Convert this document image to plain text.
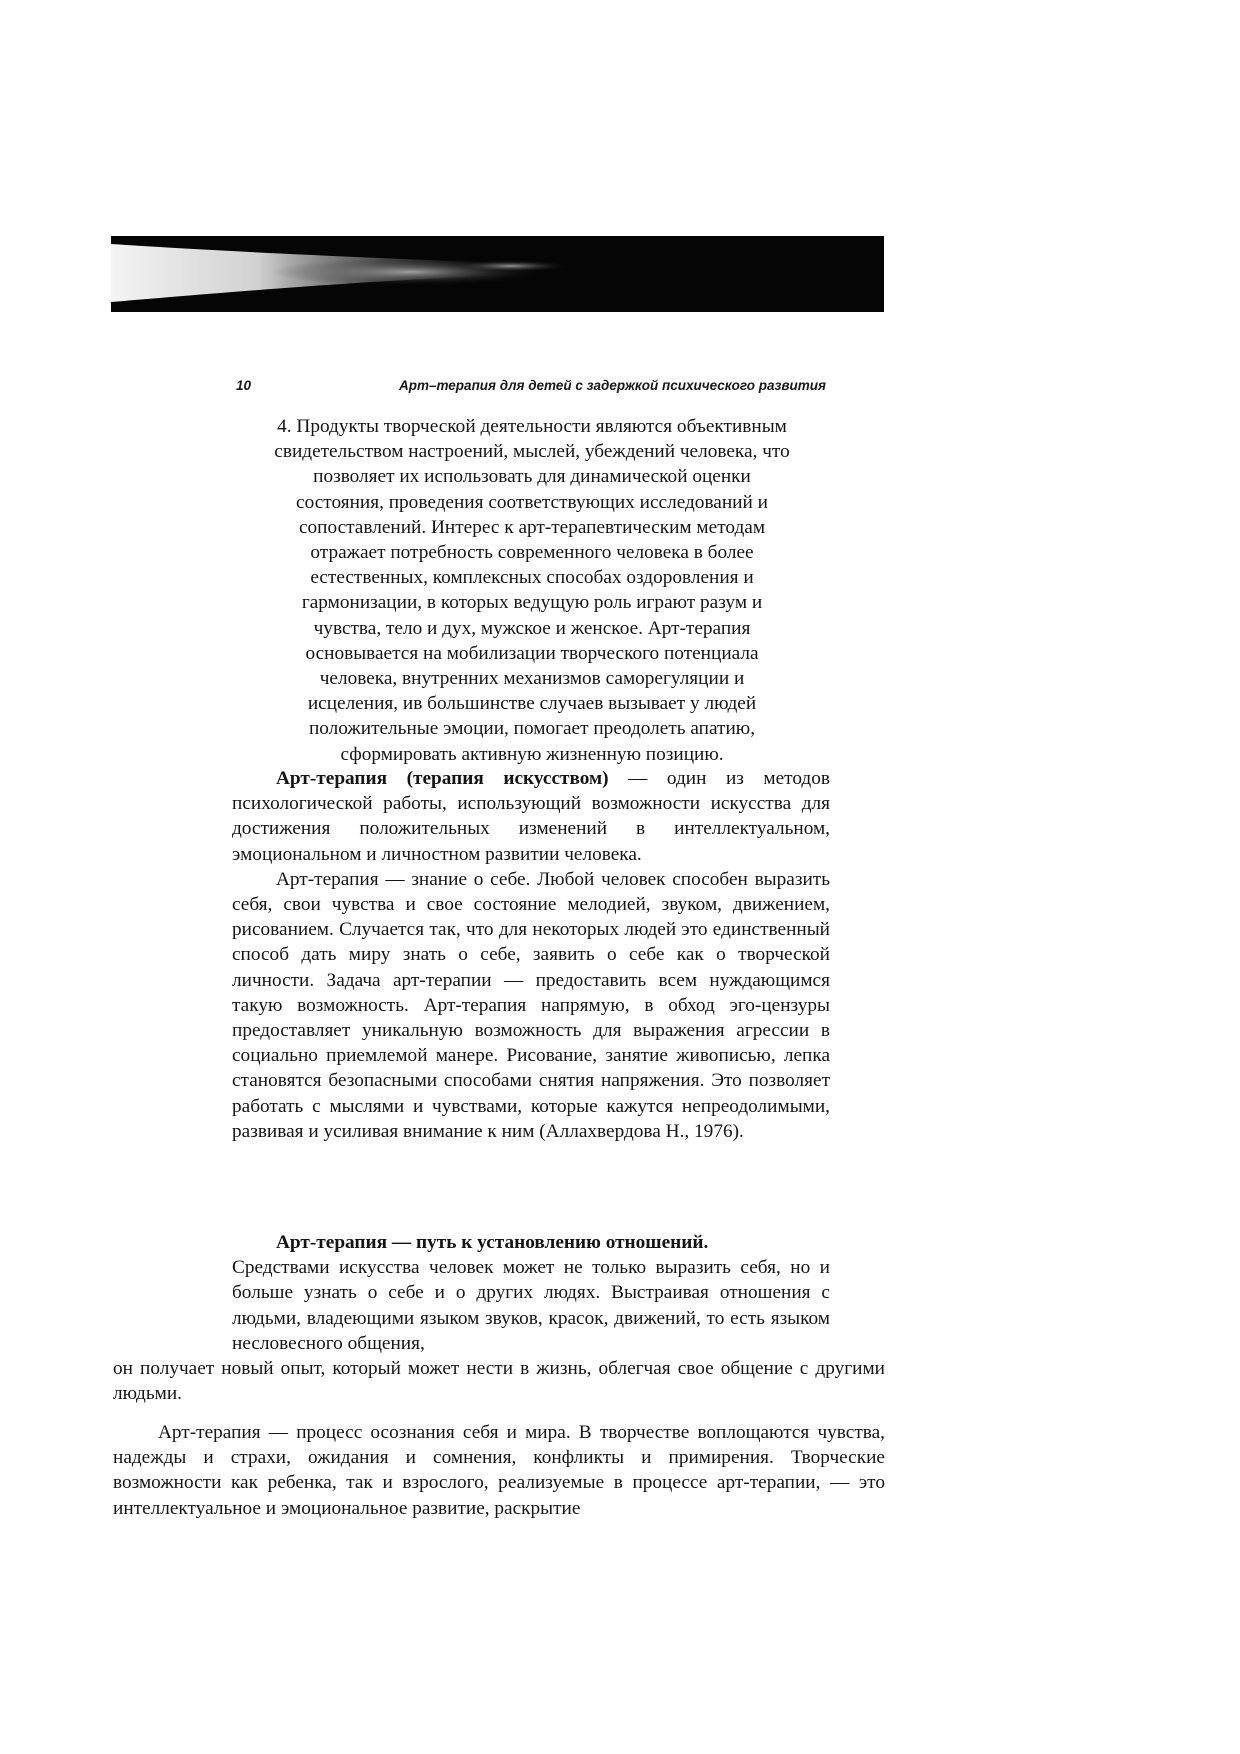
10	Арт–терапия для детей с задержкой психического развития

4. Продукты творческой деятельности являются объективным
свидетельством настроений, мыслей, убеждений человека, что
позволяет их использовать для динамической оценки
состояния, проведения соответствующих исследований и
сопоставлений. Интерес к арт-терапевтическим методам
отражает потребность современного человека в более
естественных, комплексных способах оздоровления и
гармонизации, в которых ведущую роль играют разум и
чувства, тело и дух, мужское и женское. Арт-терапия
основывается на мобилизации творческого потенциала
человека, внутренних механизмов саморегуляции и
исцеления, ив большинстве случаев вызывает у людей
положительные эмоции, помогает преодолеть апатию,
сформировать активную жизненную позицию.

Арт-терапия (терапия искусством) — один из методов психологической работы, использующий возможности искусства для достижения положительных изменений в интеллектуальном, эмоциональном и личностном развитии человека.

Арт-терапия — знание о себе. Любой человек способен выразить себя, свои чувства и свое состояние мелодией, звуком, движением, рисованием. Случается так, что для некоторых людей это единственный способ дать миру знать о себе, заявить о себе как о творческой личности. Задача арт-терапии — предоставить всем нуждающимся такую возможность. Арт-терапия напрямую, в обход эго-цензуры предоставляет уникальную возможность для выражения агрессии в социально приемлемой манере. Рисование, занятие живописью, лепка становятся безопасными способами снятия напряжения. Это позволяет работать с мыслями и чувствами, которые кажутся непреодолимыми, развивая и усиливая внимание к ним (Аллахвердова Н., 1976).

Арт-терапия — путь к установлению отношений.

Средствами искусства человек может не только выразить себя, но и больше узнать о себе и о других людях. Выстраивая отношения с людьми, владеющими языком звуков, красок, движений, то есть языком несловесного общения,

он получает новый опыт, который может нести в жизнь, облегчая свое общение с другими людьми.

Арт-терапия — процесс осознания себя и мира. В творчестве воплощаются чувства, надежды и страхи, ожидания и сомнения, конфликты и примирения. Творческие возможности как ребенка, так и взрослого, реализуемые в процессе арт-терапии, — это интеллектуальное и эмоциональное развитие, раскрытие
